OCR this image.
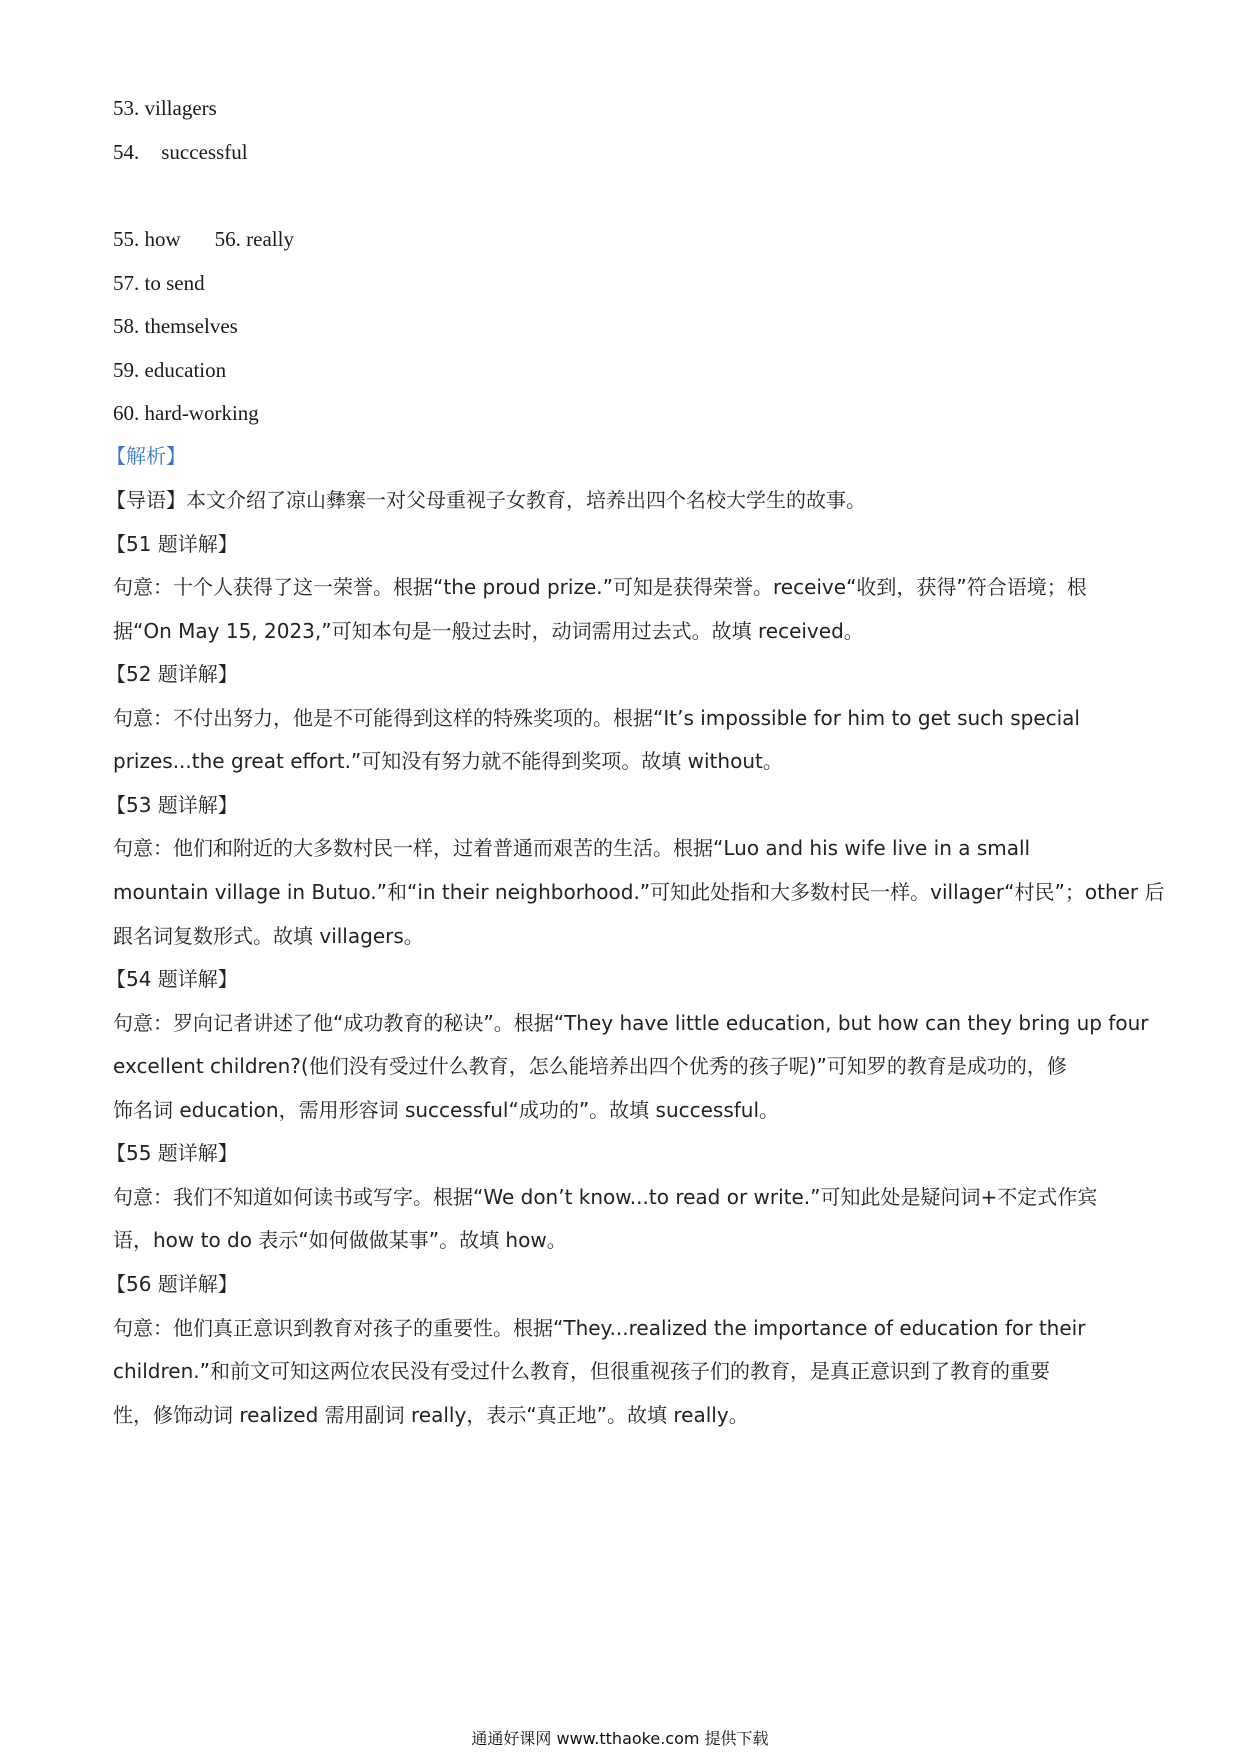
53. villagers
54. successful
55. how 56. really
57. to send
58. themselves
59. education
60. hard-working
【解析】
【导语】本文介绍了凉山彝寨一对父母重视子女教育，培养出四个名校大学生的故事。
【51 题详解】
句意：十个人获得了这一荣誉。根据“the proud prize.”可知是获得荣誉。receive“收到，获得”符合语境；根
据“On May 15, 2023,”可知本句是一般过去时，动词需用过去式。故填 received。
【52 题详解】
句意：不付出努力，他是不可能得到这样的特殊奖项的。根据“It’s impossible for him to get such special
prizes...the great effort.”可知没有努力就不能得到奖项。故填 without。
【53 题详解】
句意：他们和附近的大多数村民一样，过着普通而艰苦的生活。根据“Luo and his wife live in a small
mountain village in Butuo.”和“in their neighborhood.”可知此处指和大多数村民一样。villager“村民”；other 后
跟名词复数形式。故填 villagers。
【54 题详解】
句意：罗向记者讲述了他“成功教育的秘诀”。根据“They have little education, but how can they bring up four
excellent children?(他们没有受过什么教育，怎么能培养出四个优秀的孩子呢)”可知罗的教育是成功的，修
饰名词 education，需用形容词 successful“成功的”。故填 successful。
【55 题详解】
句意：我们不知道如何读书或写字。根据“We don’t know...to read or write.”可知此处是疑问词+不定式作宾
语，how to do 表示“如何做做某事”。故填 how。
【56 题详解】
句意：他们真正意识到教育对孩子的重要性。根据“They...realized the importance of education for their
children.”和前文可知这两位农民没有受过什么教育，但很重视孩子们的教育，是真正意识到了教育的重要
性，修饰动词 realized 需用副词 really，表示“真正地”。故填 really。
通通好课网 www.tthaoke.com 提供下载
